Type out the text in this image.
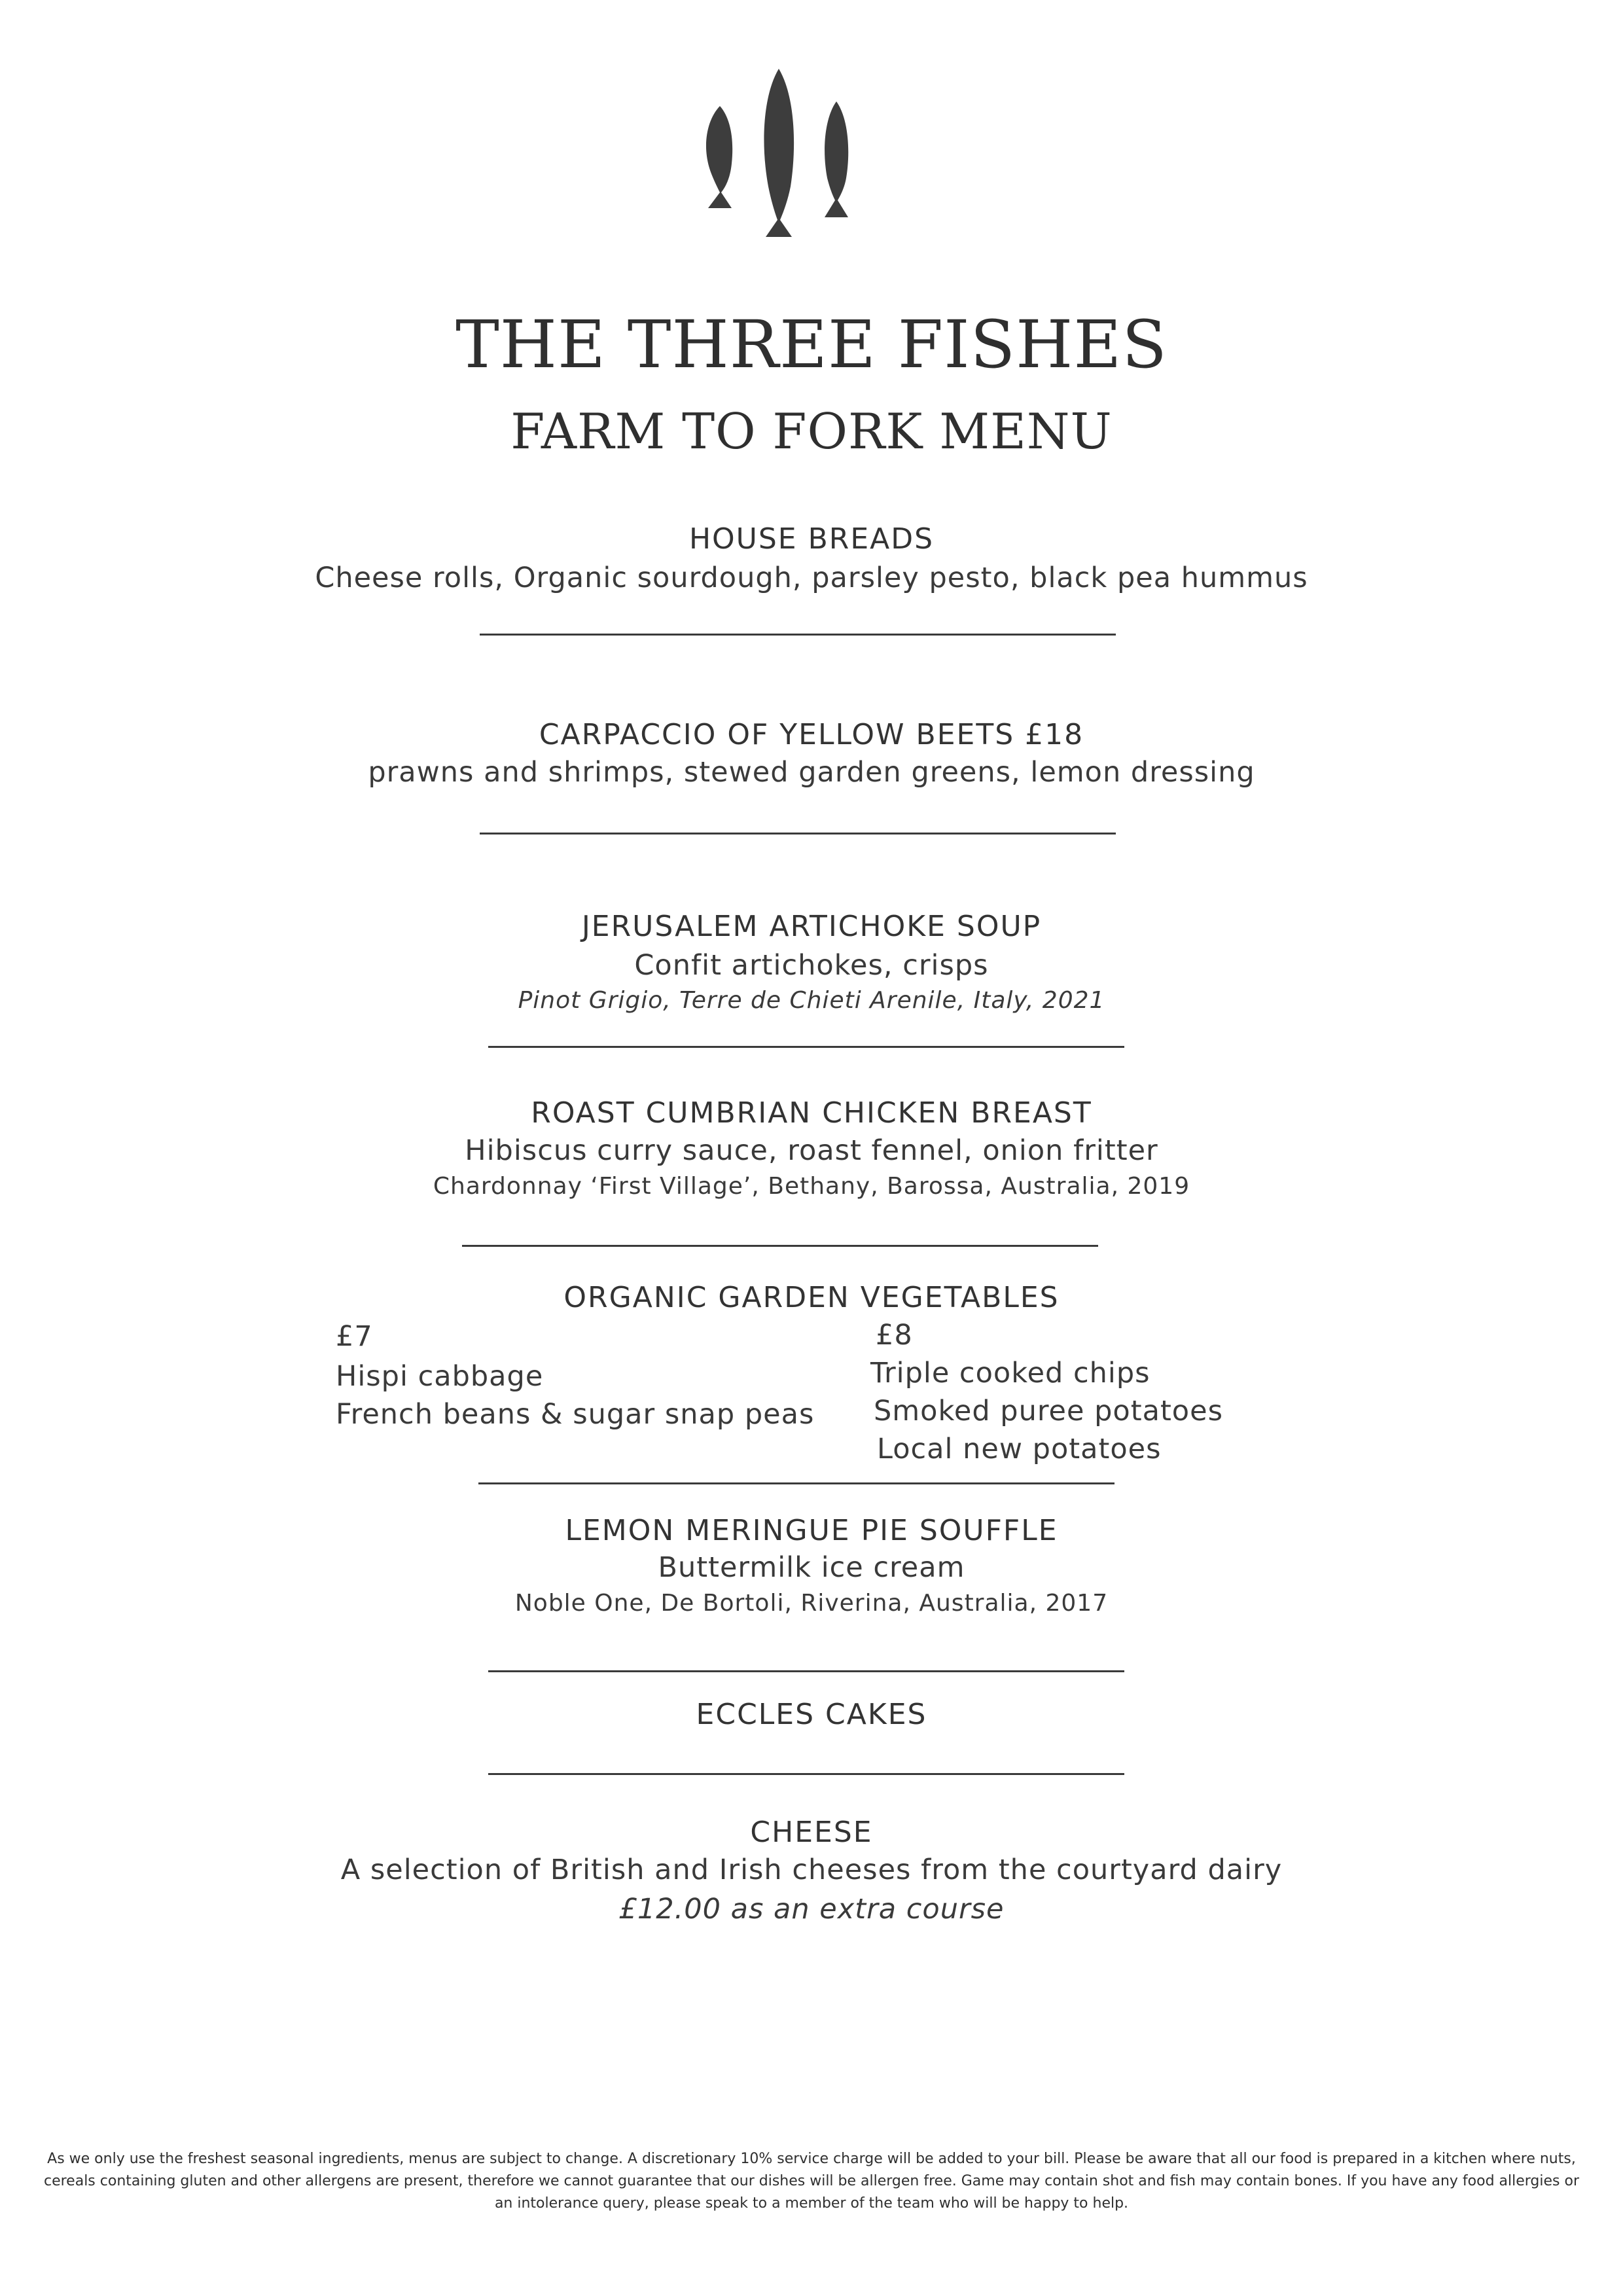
THE THREE FISHES
FARM TO FORK MENU
HOUSE BREADS
Cheese rolls, Organic sourdough, parsley pesto, black pea hummus
CARPACCIO OF YELLOW BEETS £18
prawns and shrimps, stewed garden greens, lemon dressing
JERUSALEM ARTICHOKE SOUP
Confit artichokes, crisps
Pinot Grigio, Terre de Chieti Arenile, Italy, 2021
ROAST CUMBRIAN CHICKEN BREAST
Hibiscus curry sauce, roast fennel, onion fritter
Chardonnay ‘First Village’, Bethany, Barossa, Australia, 2019
ORGANIC GARDEN VEGETABLES
£7
Hispi cabbage
French beans & sugar snap peas
£8
Triple cooked chips
Smoked puree potatoes
Local new potatoes
LEMON MERINGUE PIE SOUFFLE
Buttermilk ice cream
Noble One, De Bortoli, Riverina, Australia, 2017
ECCLES CAKES
CHEESE
A selection of British and Irish cheeses from the courtyard dairy
£12.00 as an extra course
As we only use the freshest seasonal ingredients, menus are subject to change. A discretionary 10% service charge will be added to your bill. Please be aware that all our food is prepared in a kitchen where nuts, cereals containing gluten and other allergens are present, therefore we cannot guarantee that our dishes will be allergen free. Game may contain shot and fish may contain bones. If you have any food allergies or an intolerance query, please speak to a member of the team who will be happy to help.
